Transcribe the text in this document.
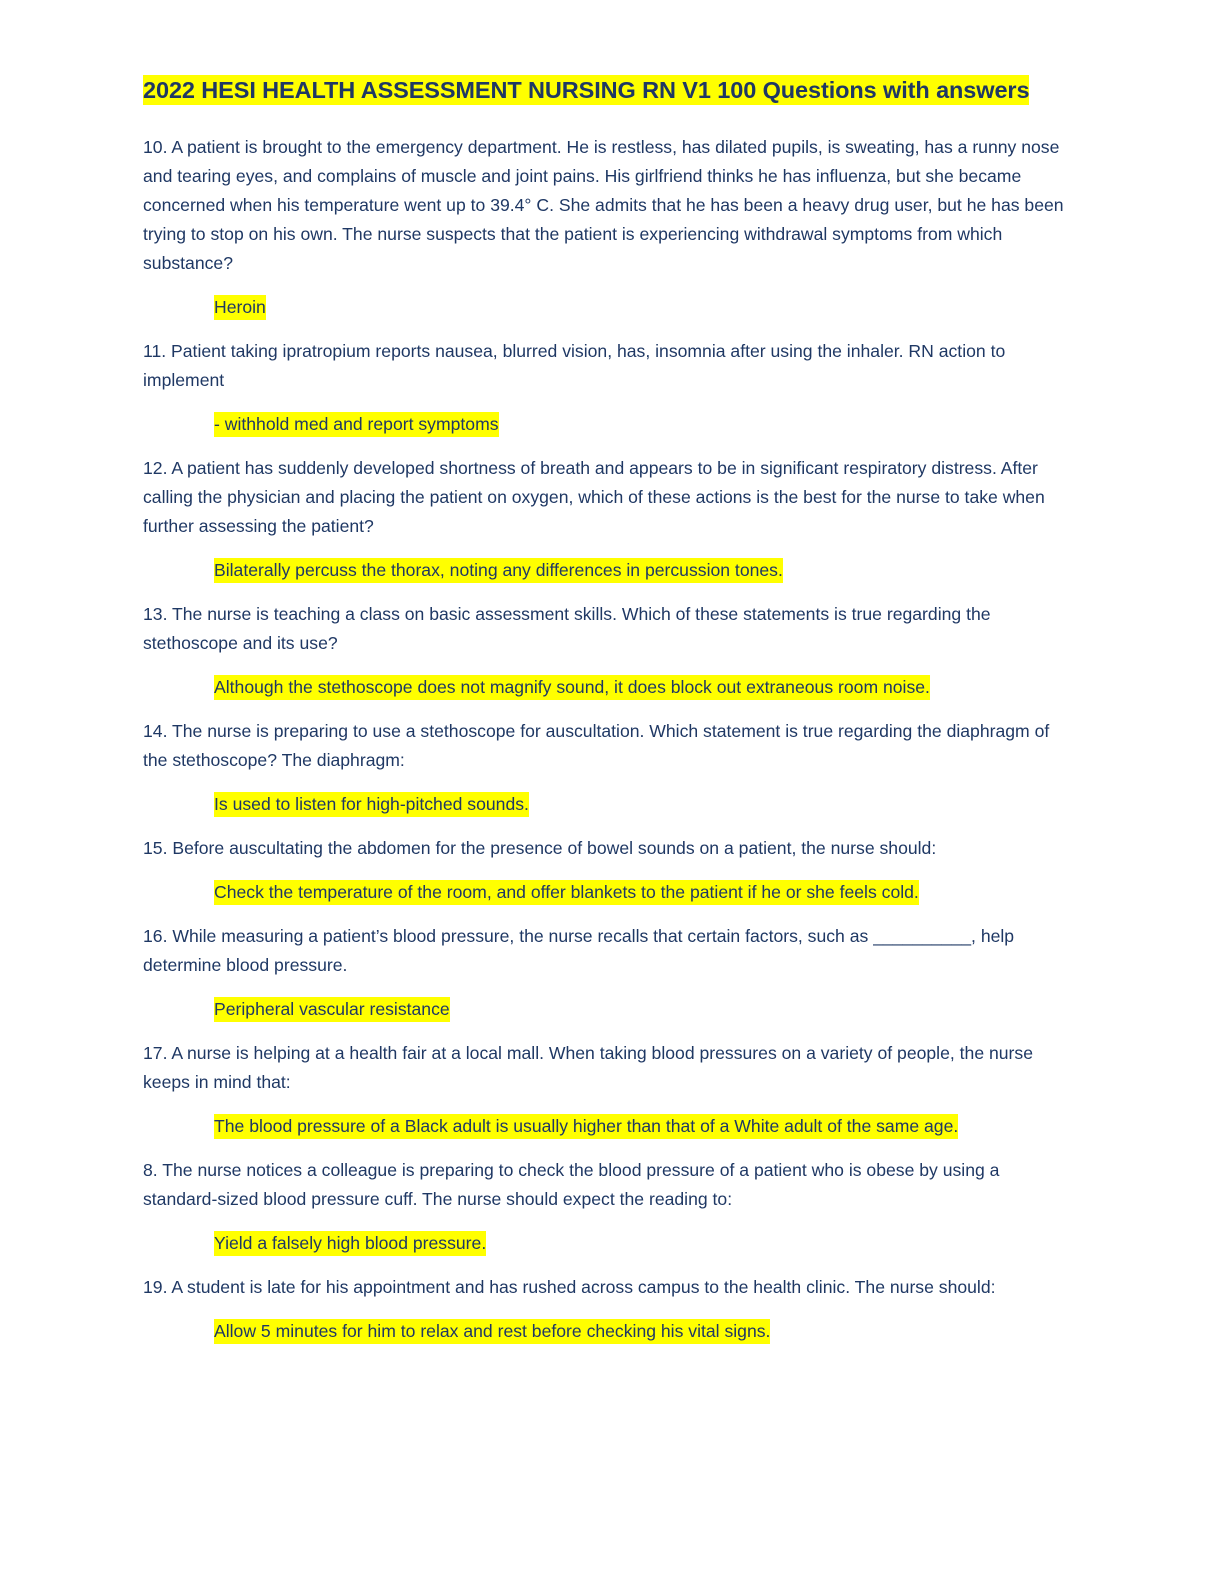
2022 HESI HEALTH ASSESSMENT NURSING RN V1 100 Questions with answers

10. A patient is brought to the emergency department. He is restless, has dilated pupils, is sweating, has a runny nose and tearing eyes, and complains of muscle and joint pains. His girlfriend thinks he has influenza, but she became concerned when his temperature went up to 39.4° C. She admits that he has been a heavy drug user, but he has been trying to stop on his own. The nurse suspects that the patient is experiencing withdrawal symptoms from which substance?

Heroin

11. Patient taking ipratropium reports nausea, blurred vision, has, insomnia after using the inhaler. RN action to implement

- withhold med and report symptoms

12. A patient has suddenly developed shortness of breath and appears to be in significant respiratory distress. After calling the physician and placing the patient on oxygen, which of these actions is the best for the nurse to take when further assessing the patient?

Bilaterally percuss the thorax, noting any differences in percussion tones.

13. The nurse is teaching a class on basic assessment skills. Which of these statements is true regarding the stethoscope and its use?

Although the stethoscope does not magnify sound, it does block out extraneous room noise.

14. The nurse is preparing to use a stethoscope for auscultation. Which statement is true regarding the diaphragm of the stethoscope? The diaphragm:

Is used to listen for high-pitched sounds.

15. Before auscultating the abdomen for the presence of bowel sounds on a patient, the nurse should:

Check the temperature of the room, and offer blankets to the patient if he or she feels cold.

16. While measuring a patient’s blood pressure, the nurse recalls that certain factors, such as __________, help determine blood pressure.

Peripheral vascular resistance

17. A nurse is helping at a health fair at a local mall. When taking blood pressures on a variety of people, the nurse keeps in mind that:

The blood pressure of a Black adult is usually higher than that of a White adult of the same age.

8. The nurse notices a colleague is preparing to check the blood pressure of a patient who is obese by using a standard-sized blood pressure cuff. The nurse should expect the reading to:

Yield a falsely high blood pressure.

19. A student is late for his appointment and has rushed across campus to the health clinic. The nurse should:

Allow 5 minutes for him to relax and rest before checking his vital signs.
